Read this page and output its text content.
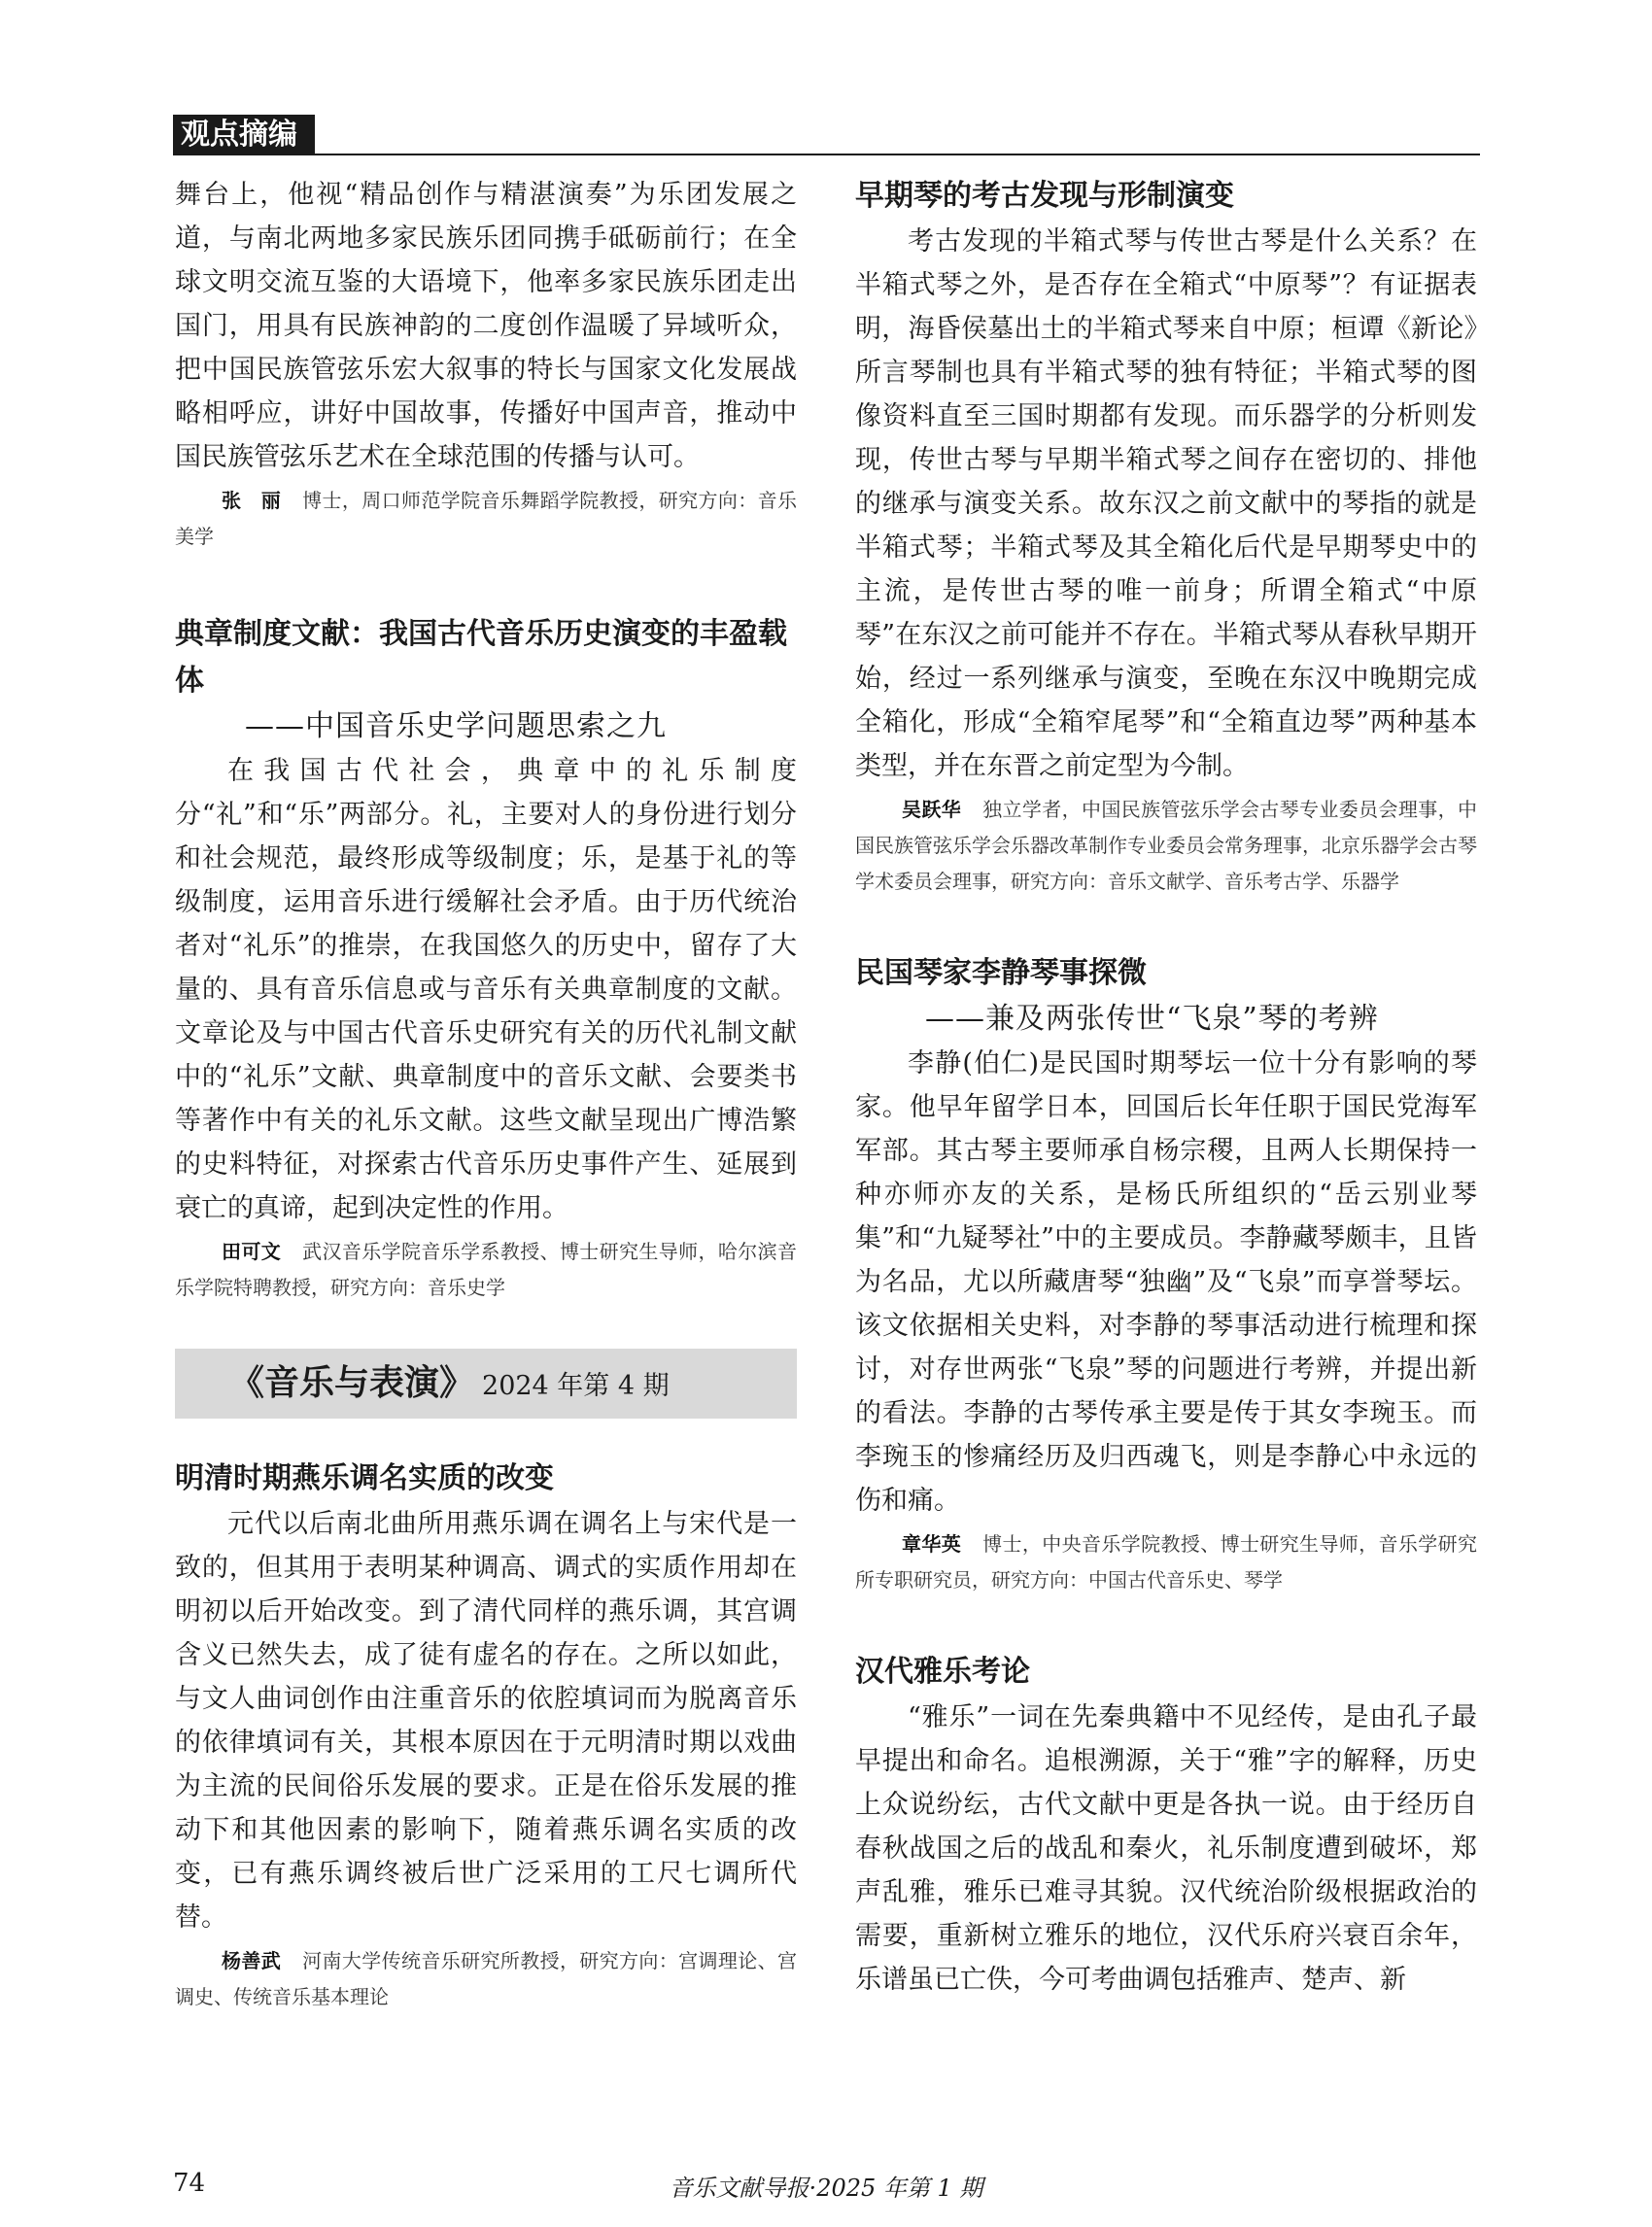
观点摘编

舞台上，他视“精品创作与精湛演奏”为乐团发展之道，与南北两地多家民族乐团同携手砥砺前行；在全球文明交流互鉴的大语境下，他率多家民族乐团走出国门，用具有民族神韵的二度创作温暖了异域听众，把中国民族管弦乐宏大叙事的特长与国家文化发展战略相呼应，讲好中国故事，传播好中国声音，推动中国民族管弦乐艺术在全球范围的传播与认可。

张　丽 博士，周口师范学院音乐舞蹈学院教授，研究方向：音乐美学
典章制度文献：我国古代音乐历史演变的丰盈载体

——中国音乐史学问题思索之九

在我国古代社会，典章中的礼乐制度分“礼”和“乐”两部分。礼，主要对人的身份进行划分和社会规范，最终形成等级制度；乐，是基于礼的等级制度，运用音乐进行缓解社会矛盾。由于历代统治者对“礼乐”的推崇，在我国悠久的历史中，留存了大量的、具有音乐信息或与音乐有关典章制度的文献。文章论及与中国古代音乐史研究有关的历代礼制文献中的“礼乐”文献、典章制度中的音乐文献、会要类书等著作中有关的礼乐文献。这些文献呈现出广博浩繁的史料特征，对探索古代音乐历史事件产生、延展到衰亡的真谛，起到决定性的作用。

田可文 武汉音乐学院音乐学系教授、博士研究生导师，哈尔滨音乐学院特聘教授，研究方向：音乐史学
《音乐与表演》 2024 年第 4 期
明清时期燕乐调名实质的改变

元代以后南北曲所用燕乐调在调名上与宋代是一致的，但其用于表明某种调高、调式的实质作用却在明初以后开始改变。到了清代同样的燕乐调，其宫调含义已然失去，成了徒有虚名的存在。之所以如此，与文人曲词创作由注重音乐的依腔填词而为脱离音乐的依律填词有关，其根本原因在于元明清时期以戏曲为主流的民间俗乐发展的要求。正是在俗乐发展的推动下和其他因素的影响下，随着燕乐调名实质的改变，已有燕乐调终被后世广泛采用的工尺七调所代替。

杨善武 河南大学传统音乐研究所教授，研究方向：宫调理论、宫调史、传统音乐基本理论
早期琴的考古发现与形制演变

考古发现的半箱式琴与传世古琴是什么关系？在半箱式琴之外，是否存在全箱式“中原琴”？有证据表明，海昏侯墓出土的半箱式琴来自中原；桓谭《新论》所言琴制也具有半箱式琴的独有特征；半箱式琴的图像资料直至三国时期都有发现。而乐器学的分析则发现，传世古琴与早期半箱式琴之间存在密切的、排他的继承与演变关系。故东汉之前文献中的琴指的就是半箱式琴；半箱式琴及其全箱化后代是早期琴史中的主流，是传世古琴的唯一前身；所谓全箱式“中原琴”在东汉之前可能并不存在。半箱式琴从春秋早期开始，经过一系列继承与演变，至晚在东汉中晚期完成全箱化，形成“全箱窄尾琴”和“全箱直边琴”两种基本类型，并在东晋之前定型为今制。

吴跃华 独立学者，中国民族管弦乐学会古琴专业委员会理事，中国民族管弦乐学会乐器改革制作专业委员会常务理事，北京乐器学会古琴学术委员会理事，研究方向：音乐文献学、音乐考古学、乐器学
民国琴家李静琴事探微

——兼及两张传世“飞泉”琴的考辨

李静(伯仁)是民国时期琴坛一位十分有影响的琴家。他早年留学日本，回国后长年任职于国民党海军军部。其古琴主要师承自杨宗稷，且两人长期保持一种亦师亦友的关系，是杨氏所组织的“岳云别业琴集”和“九疑琴社”中的主要成员。李静藏琴颇丰，且皆为名品，尤以所藏唐琴“独幽”及“飞泉”而享誉琴坛。该文依据相关史料，对李静的琴事活动进行梳理和探讨，对存世两张“飞泉”琴的问题进行考辨，并提出新的看法。李静的古琴传承主要是传于其女李琬玉。而李琬玉的惨痛经历及归西魂飞，则是李静心中永远的伤和痛。

章华英 博士，中央音乐学院教授、博士研究生导师，音乐学研究所专职研究员，研究方向：中国古代音乐史、琴学
汉代雅乐考论

“雅乐”一词在先秦典籍中不见经传，是由孔子最早提出和命名。追根溯源，关于“雅”字的解释，历史上众说纷纭，古代文献中更是各执一说。由于经历自春秋战国之后的战乱和秦火，礼乐制度遭到破坏，郑声乱雅，雅乐已难寻其貌。汉代统治阶级根据政治的需要，重新树立雅乐的地位，汉代乐府兴衰百余年，乐谱虽已亡佚，今可考曲调包括雅声、楚声、新

74	音乐文献导报·2025 年第 1 期
